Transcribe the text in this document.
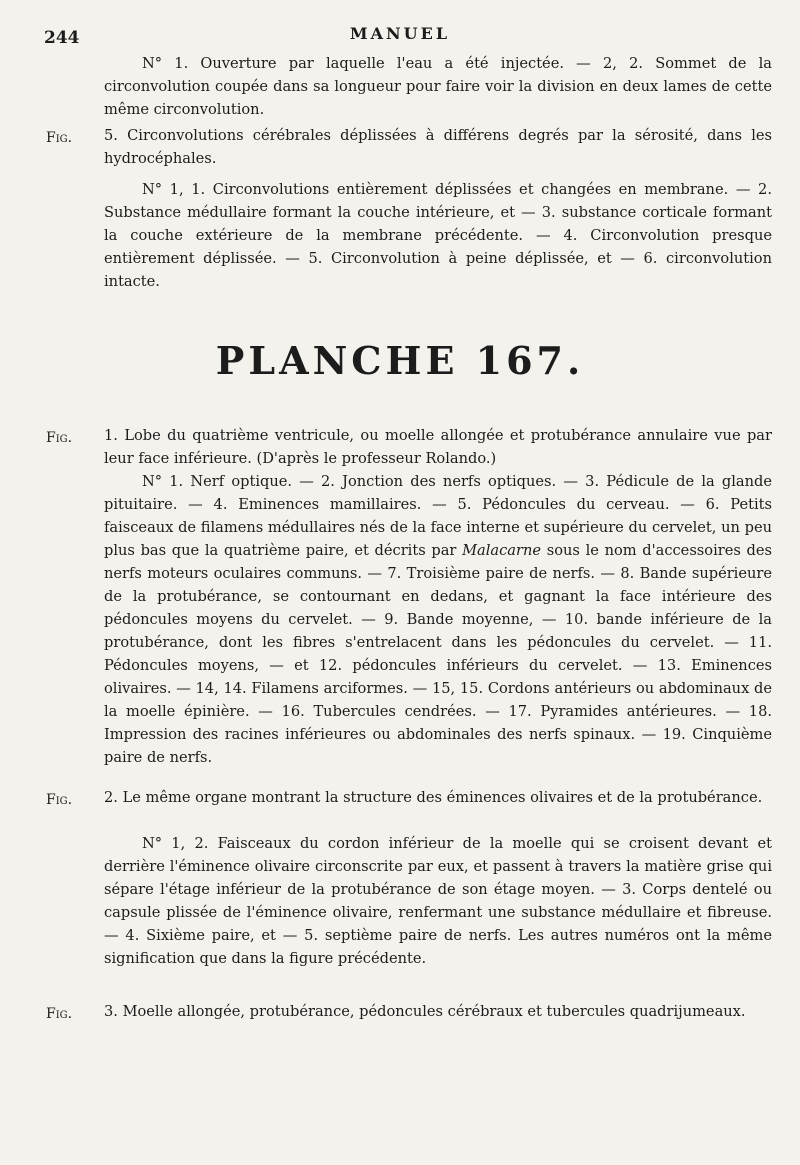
244	MANUEL

N° 1. Ouverture par laquelle l'eau a été injectée. — 2, 2. Sommet de la circonvolution coupée dans sa longueur pour faire voir la division en deux lames de cette même circonvolution.

Fig. 5. Circonvolutions cérébrales déplissées à différens degrés par la sérosité, dans les hydrocéphales.

N° 1, 1. Circonvolutions entièrement déplissées et changées en membrane. — 2. Substance médullaire formant la couche intérieure, et — 3. substance corticale formant la couche extérieure de la membrane précédente. — 4. Circonvolution presque entièrement déplissée. — 5. Circonvolution à peine déplissée, et — 6. circonvolution intacte.

PLANCHE 167.
Fig. 1. Lobe du quatrième ventricule, ou moelle allongée et protubérance annulaire vue par leur face inférieure. (D'après le professeur Rolando.)

N° 1. Nerf optique. — 2. Jonction des nerfs optiques. — 3. Pédicule de la glande pituitaire. — 4. Eminences mamillaires. — 5. Pédoncules du cerveau. — 6. Petits faisceaux de filamens médullaires nés de la face interne et supérieure du cervelet, un peu plus bas que la quatrième paire, et décrits par Malacarne sous le nom d'accessoires des nerfs moteurs oculaires communs. — 7. Troisième paire de nerfs. — 8. Bande supérieure de la protubérance, se contournant en dedans, et gagnant la face intérieure des pédoncules moyens du cervelet. — 9. Bande moyenne, — 10. bande inférieure de la protubérance, dont les fibres s'entrelacent dans les pédoncules du cervelet. — 11. Pédoncules moyens, — et 12. pédoncules inférieurs du cervelet. — 13. Eminences olivaires. — 14, 14. Filamens arciformes. — 15, 15. Cordons antérieurs ou abdominaux de la moelle épinière. — 16. Tubercules cendrées. — 17. Pyramides antérieures. — 18. Impression des racines inférieures ou abdominales des nerfs spinaux. — 19. Cinquième paire de nerfs.

Fig. 2. Le même organe montrant la structure des éminences olivaires et de la protubérance.

N° 1, 2. Faisceaux du cordon inférieur de la moelle qui se croisent devant et derrière l'éminence olivaire circonscrite par eux, et passent à travers la matière grise qui sépare l'étage inférieur de la protubérance de son étage moyen. — 3. Corps dentelé ou capsule plissée de l'éminence olivaire, renfermant une substance médullaire et fibreuse. — 4. Sixième paire, et — 5. septième paire de nerfs. Les autres numéros ont la même signification que dans la figure précédente.

Fig. 3. Moelle allongée, protubérance, pédoncules cérébraux et tubercules quadrijumeaux.
